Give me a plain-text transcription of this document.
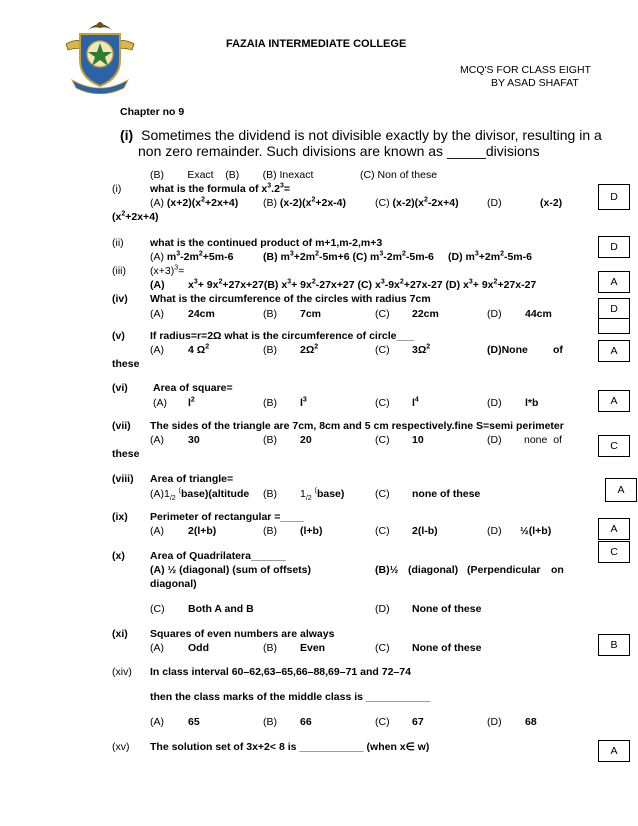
FAZAIA INTERMEDIATE COLLEGE
MCQ'S FOR CLASS EIGHT
BY ASAD SHAFAT
Chapter no 9
(i) Sometimes the dividend is not divisible exactly by the divisor, resulting in a
non zero remainder. Such divisions are known as _____divisions
(B)        Exact    (B)        (B) Inexact                (C) Non of these
(i)	what is the formula of $x^3.2^3=$
(A) $(x+2)(x^2+2x+4)$ (B) $(x-2)(x^2+2x-4)$	(C) $(x-2)(x^2-2x+4)$	(D)	(x-2)
$(x^2+2x+4)$
(ii)	what is the continued product of m+1,m-2,m+3
(A) $m^3-2m^2+5m-6$	(B) $m^3+2m^2-5m+6$ (C) $m^3-2m^2-5m-6$ (D) $m^3+2m^2-5m-6$
(iii) $(x+3)^3=$
(A) $x^3+ 9x^2+27x+27(B)$ $x^3+ 9x^2-27x+27$ (C) $x^3-9x^2+27x-27$ (D) $x^3+ 9x^2+27x-27$
(iv) What is the circumference of the circles with radius 7cm
(A) 24cm	(B) 7cm	(C) 22cm	(D) 44cm
(v) If radius=r=2Ω what is the circumference of circle___
(A) 4 $\Omega^2$	(B) $2\Omega^2$	(C) $3\Omega^2$	(D)None of
these
(vi) Area of square=
(A) $l^2$	(B) $l^3$	(C) $l^4$	(D) l*b
(vii) The sides of the triangle are 7cm, 8cm and 5 cm respectively.fine S=semi perimeter
(A) 30	(B) 20	(C) 10	(D) none  of
these
(viii) Area of triangle=
$(A)1_{/2}$ (base)(altitude (B) $1_{/2}$ (base)	(C) none of these
(ix) Perimeter of rectangular =____
(A) 2(l+b)	(B) (l+b)	(C) 2(l-b)	(D) ½(l+b)
(x) Area of Quadrilatera______
(A) ½ (diagonal) (sum of offsets)	(B)½ (diagonal) (Perpendicular on
diagonal)
(C) Both A and B	(D) None of these
(xi) Squares of even numbers are always
(A) Odd	(B) Even	(C) None of these
(xiv) In class interval 60–62,63–65,66–88,69–71 and 72–74
then the class marks of the middle class is ___________
(A) 65	(B) 66	(C) 67	(D) 68
(xv) The solution set of 3x+2< 8 is ___________ (when x∈ w)
D
D
A
D
A
A
C
A
A
C
B
A
